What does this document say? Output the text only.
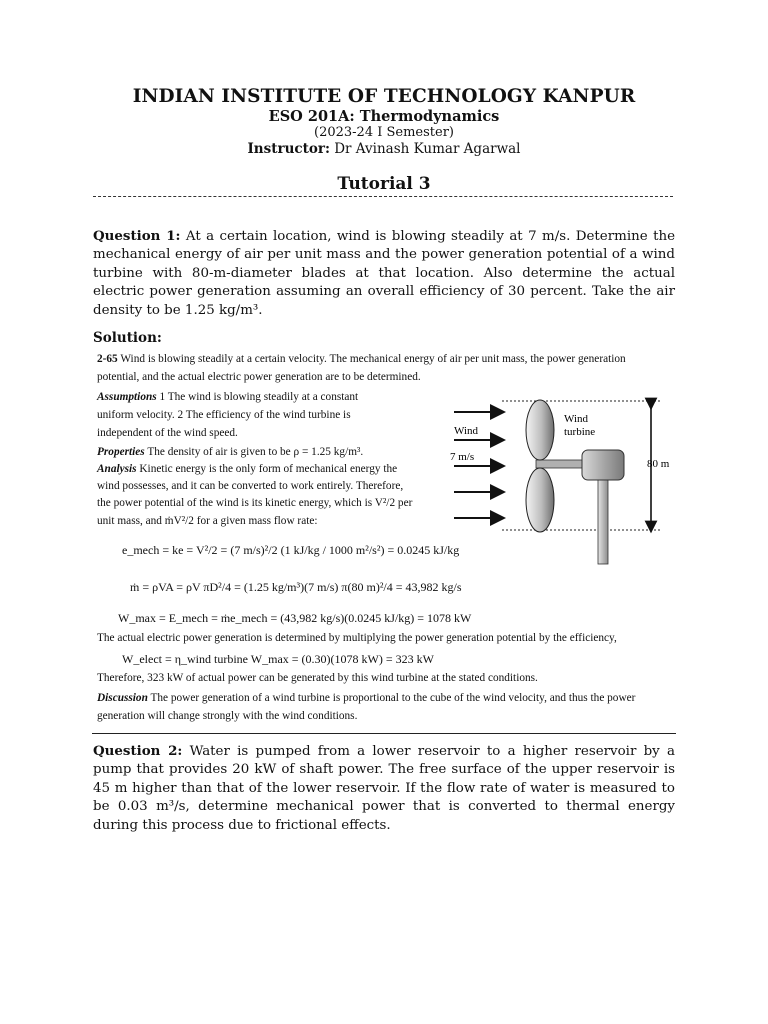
INDIAN INSTITUTE OF TECHNOLOGY KANPUR
ESO 201A: Thermodynamics
(2023-24 I Semester)
Instructor: Dr Avinash Kumar Agarwal
Tutorial 3
Question 1: At a certain location, wind is blowing steadily at 7 m/s. Determine the mechanical energy of air per unit mass and the power generation potential of a wind turbine with 80-m-diameter blades at that location. Also determine the actual electric power generation assuming an overall efficiency of 30 percent. Take the air density to be 1.25 kg/m³.
Solution:
2-65 Wind is blowing steadily at a certain velocity. The mechanical energy of air per unit mass, the power generation
potential, and the actual electric power generation are to be determined.
Assumptions 1 The wind is blowing steadily at a constant
uniform velocity. 2 The efficiency of the wind turbine is
independent of the wind speed.
Properties The density of air is given to be ρ = 1.25 kg/m³.
Analysis Kinetic energy is the only form of mechanical energy the
wind possesses, and it can be converted to work entirely. Therefore,
the power potential of the wind is its kinetic energy, which is V²/2 per
unit mass, and ṁV²/2 for a given mass flow rate:
e_mech = ke = V²/2 = (7 m/s)²/2 (1 kJ/kg / 1000 m²/s²) = 0.0245 kJ/kg
ṁ = ρVA = ρV πD²/4 = (1.25 kg/m³)(7 m/s) π(80 m)²/4 = 43,982 kg/s
W_max = E_mech = ṁe_mech = (43,982 kg/s)(0.0245 kJ/kg) = 1078 kW
The actual electric power generation is determined by multiplying the power generation potential by the efficiency,
W_elect = η_wind turbine W_max = (0.30)(1078 kW) = 323 kW
Therefore, 323 kW of actual power can be generated by this wind turbine at the stated conditions.
Discussion The power generation of a wind turbine is proportional to the cube of the wind velocity, and thus the power
generation will change strongly with the wind conditions.
Wind
7 m/s
Wind
turbine
80 m
Question 2: Water is pumped from a lower reservoir to a higher reservoir by a pump that provides 20 kW of shaft power. The free surface of the upper reservoir is 45 m higher than that of the lower reservoir. If the flow rate of water is measured to be 0.03 m³/s, determine mechanical power that is converted to thermal energy during this process due to frictional effects.
